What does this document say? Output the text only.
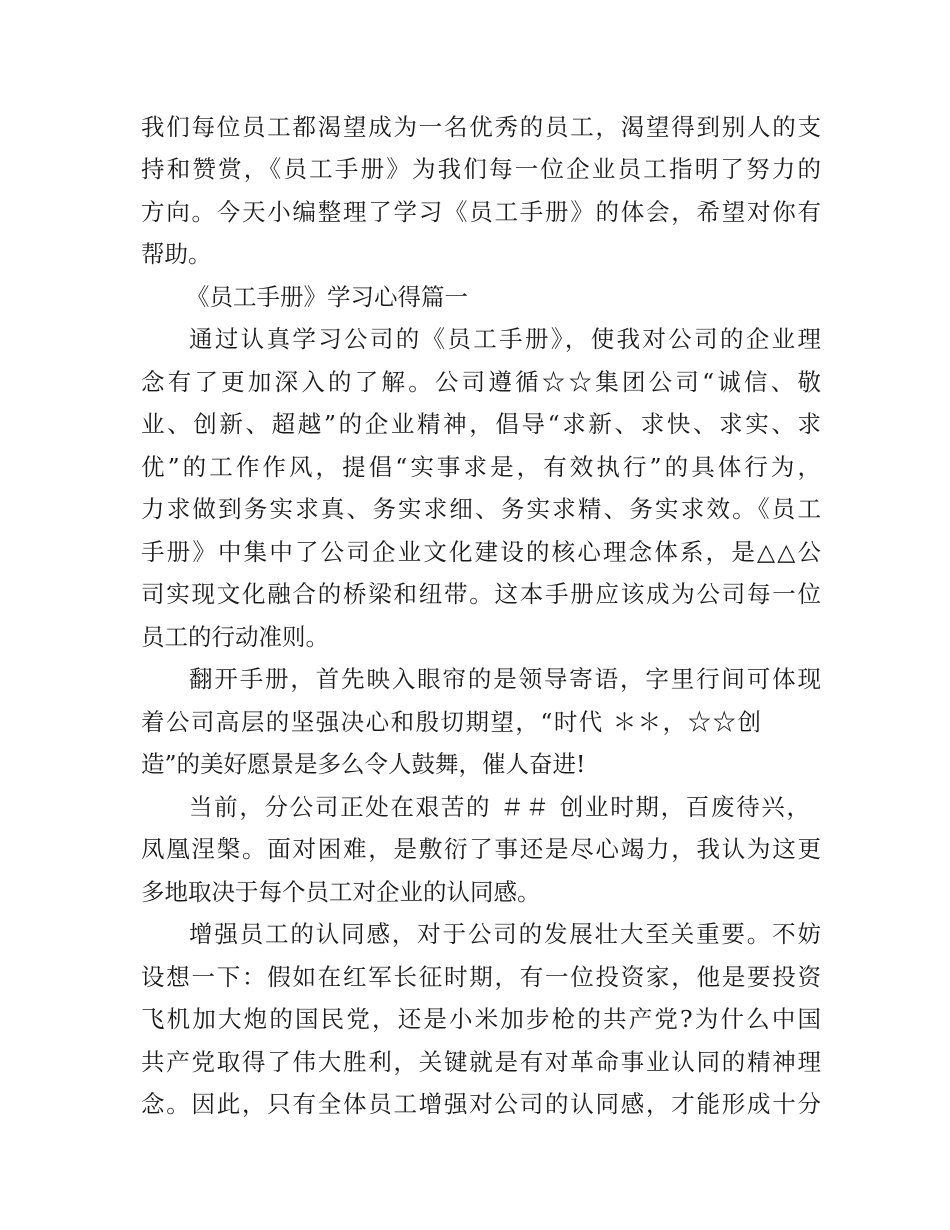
我们每位员工都渴望成为一名优秀的员工，渴望得到别人的支
持和赞赏，《员工手册》为我们每一位企业员工指明了努力的
方向。今天小编整理了学习《员工手册》的体会，希望对你有
帮助。
《员工手册》学习心得篇一
通过认真学习公司的《员工手册》，使我对公司的企业理
念有了更加深入的了解。公司遵循☆☆集团公司“诚信、敬
业、创新、超越”的企业精神，倡导“求新、求快、求实、求
优”的工作作风，提倡“实事求是，有效执行”的具体行为，
力求做到务实求真、务实求细、务实求精、务实求效。《员工
手册》中集中了公司企业文化建设的核心理念体系，是△△公
司实现文化融合的桥梁和纽带。这本手册应该成为公司每一位
员工的行动准则。
翻开手册，首先映入眼帘的是领导寄语，字里行间可体现
着公司高层的坚强决心和殷切期望，“时代 ＊＊，☆☆创
造”的美好愿景是多么令人鼓舞，催人奋进!
当前，分公司正处在艰苦的 ＃＃ 创业时期，百废待兴，
凤凰涅槃。面对困难，是敷衍了事还是尽心竭力，我认为这更
多地取决于每个员工对企业的认同感。
增强员工的认同感，对于公司的发展壮大至关重要。不妨
设想一下：假如在红军长征时期，有一位投资家，他是要投资
飞机加大炮的国民党，还是小米加步枪的共产党?为什么中国
共产党取得了伟大胜利，关键就是有对革命事业认同的精神理
念。因此，只有全体员工增强对公司的认同感，才能形成十分
